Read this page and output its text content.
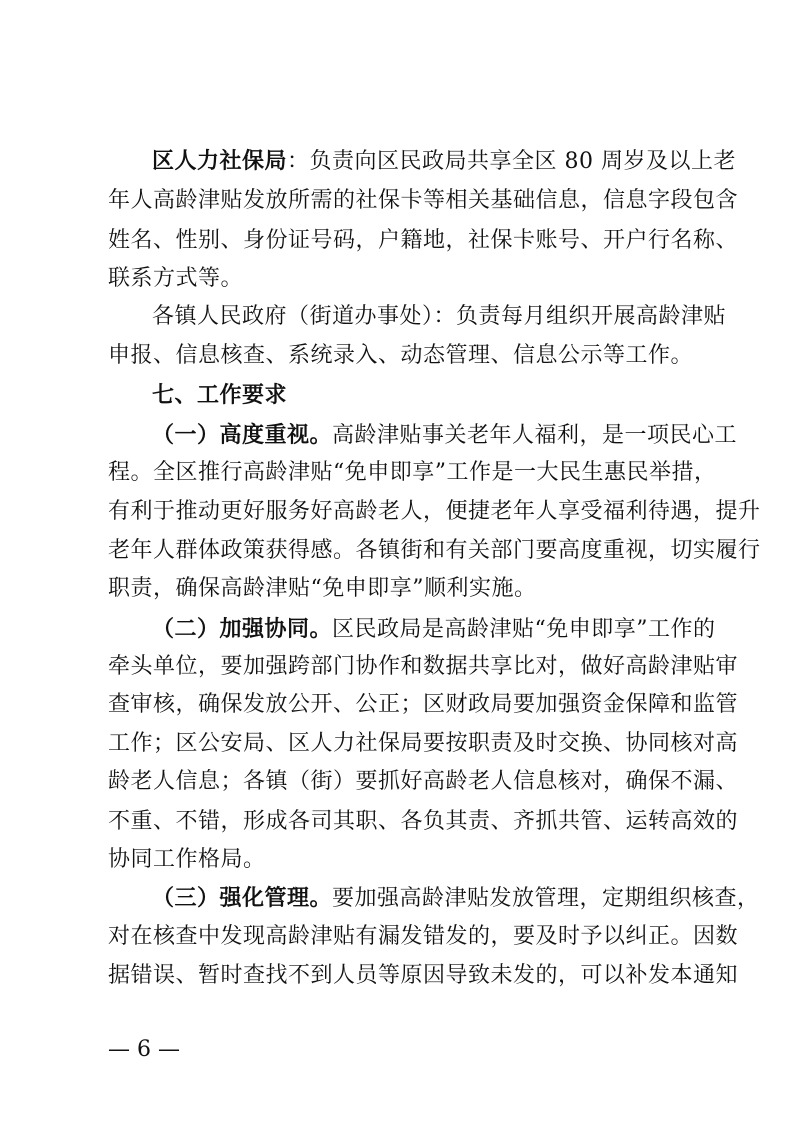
区人力社保局：负责向区民政局共享全区 80 周岁及以上老
年人高龄津贴发放所需的社保卡等相关基础信息，信息字段包含
姓名、性别、身份证号码，户籍地，社保卡账号、开户行名称、
联系方式等。
各镇人民政府（街道办事处）：负责每月组织开展高龄津贴
申报、信息核查、系统录入、动态管理、信息公示等工作。
七、工作要求
（一）高度重视。高龄津贴事关老年人福利，是一项民心工
程。全区推行高龄津贴“免申即享”工作是一大民生惠民举措，
有利于推动更好服务好高龄老人，便捷老年人享受福利待遇，提升
老年人群体政策获得感。各镇街和有关部门要高度重视，切实履行
职责，确保高龄津贴“免申即享”顺利实施。
（二）加强协同。区民政局是高龄津贴“免申即享”工作的
牵头单位，要加强跨部门协作和数据共享比对，做好高龄津贴审
查审核，确保发放公开、公正；区财政局要加强资金保障和监管
工作；区公安局、区人力社保局要按职责及时交换、协同核对高
龄老人信息；各镇（街）要抓好高龄老人信息核对，确保不漏、
不重、不错，形成各司其职、各负其责、齐抓共管、运转高效的
协同工作格局。
（三）强化管理。要加强高龄津贴发放管理，定期组织核查，
对在核查中发现高龄津贴有漏发错发的，要及时予以纠正。因数
据错误、暂时查找不到人员等原因导致未发的，可以补发本通知
— 6 —
